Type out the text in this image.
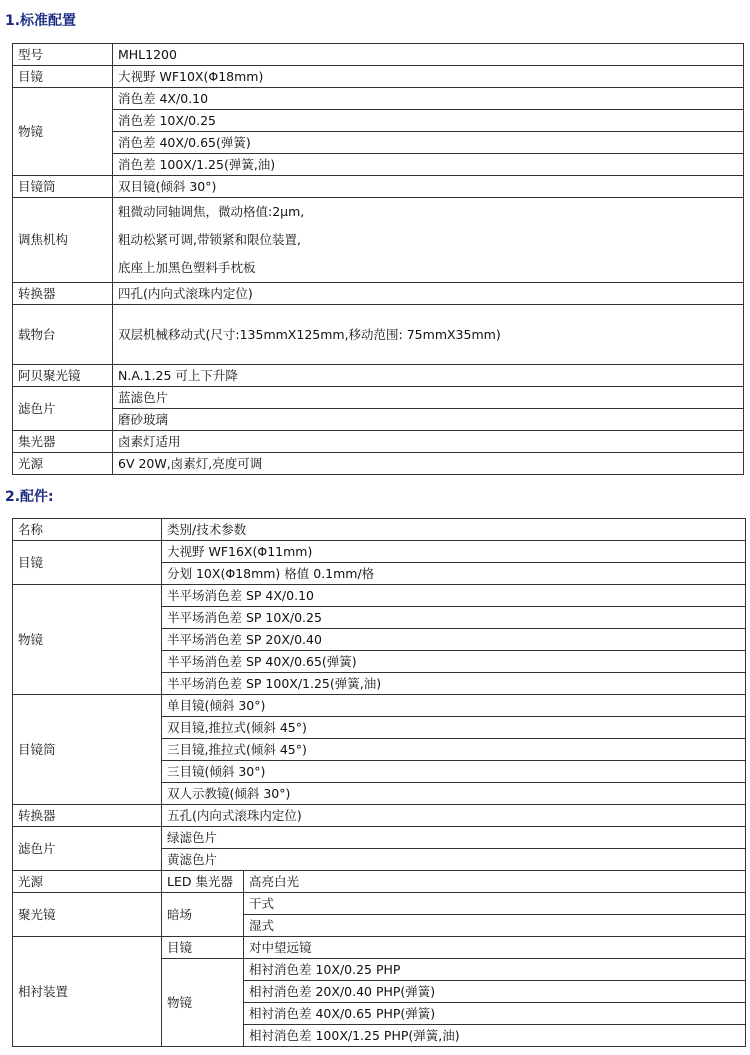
1.标准配置
型号	MHL1200
目镜	大视野 WF10X(Φ18mm)
物镜	消色差 4X/0.10
	消色差 10X/0.25
	消色差 40X/0.65(弹簧)
	消色差 100X/1.25(弹簧,油)
目镜筒	双目镜(倾斜 30°)
调焦机构	粗微动同轴调焦，微动格值:2μm,
粗动松紧可调,带锁紧和限位装置,
底座上加黑色塑料手枕板

转换器	四孔(内向式滚珠内定位)
载物台	双层机械移动式(尺寸:135mmX125mm,移动范围: 75mmX35mm)
阿贝聚光镜	N.A.1.25 可上下升降
滤色片	蓝滤色片
	磨砂玻璃
集光器	卤素灯适用
光源	6V 20W,卤素灯,亮度可调
2.配件:
名称	类别/技术参数	
目镜	大视野 WF16X(Φ11mm)	
	分划 10X(Φ18mm) 格值 0.1mm/格	
物镜	半平场消色差 SP 4X/0.10	
	半平场消色差 SP 10X/0.25	
	半平场消色差 SP 20X/0.40	
	半平场消色差 SP 40X/0.65(弹簧)	
	半平场消色差 SP 100X/1.25(弹簧,油)	
目镜筒	单目镜(倾斜 30°)	
	双目镜,推拉式(倾斜 45°)	
	三目镜,推拉式(倾斜 45°)	
	三目镜(倾斜 30°)	
	双人示教镜(倾斜 30°)	
转换器	五孔(内向式滚珠内定位)	
滤色片	绿滤色片	
	黄滤色片	
光源	LED 集光器	高亮白光
聚光镜	暗场	干式
		湿式
相衬装置	目镜	对中望远镜
	物镜	相衬消色差 10X/0.25 PHP
		相衬消色差 20X/0.40 PHP(弹簧)
		相衬消色差 40X/0.65 PHP(弹簧)
		相衬消色差 100X/1.25 PHP(弹簧,油)
